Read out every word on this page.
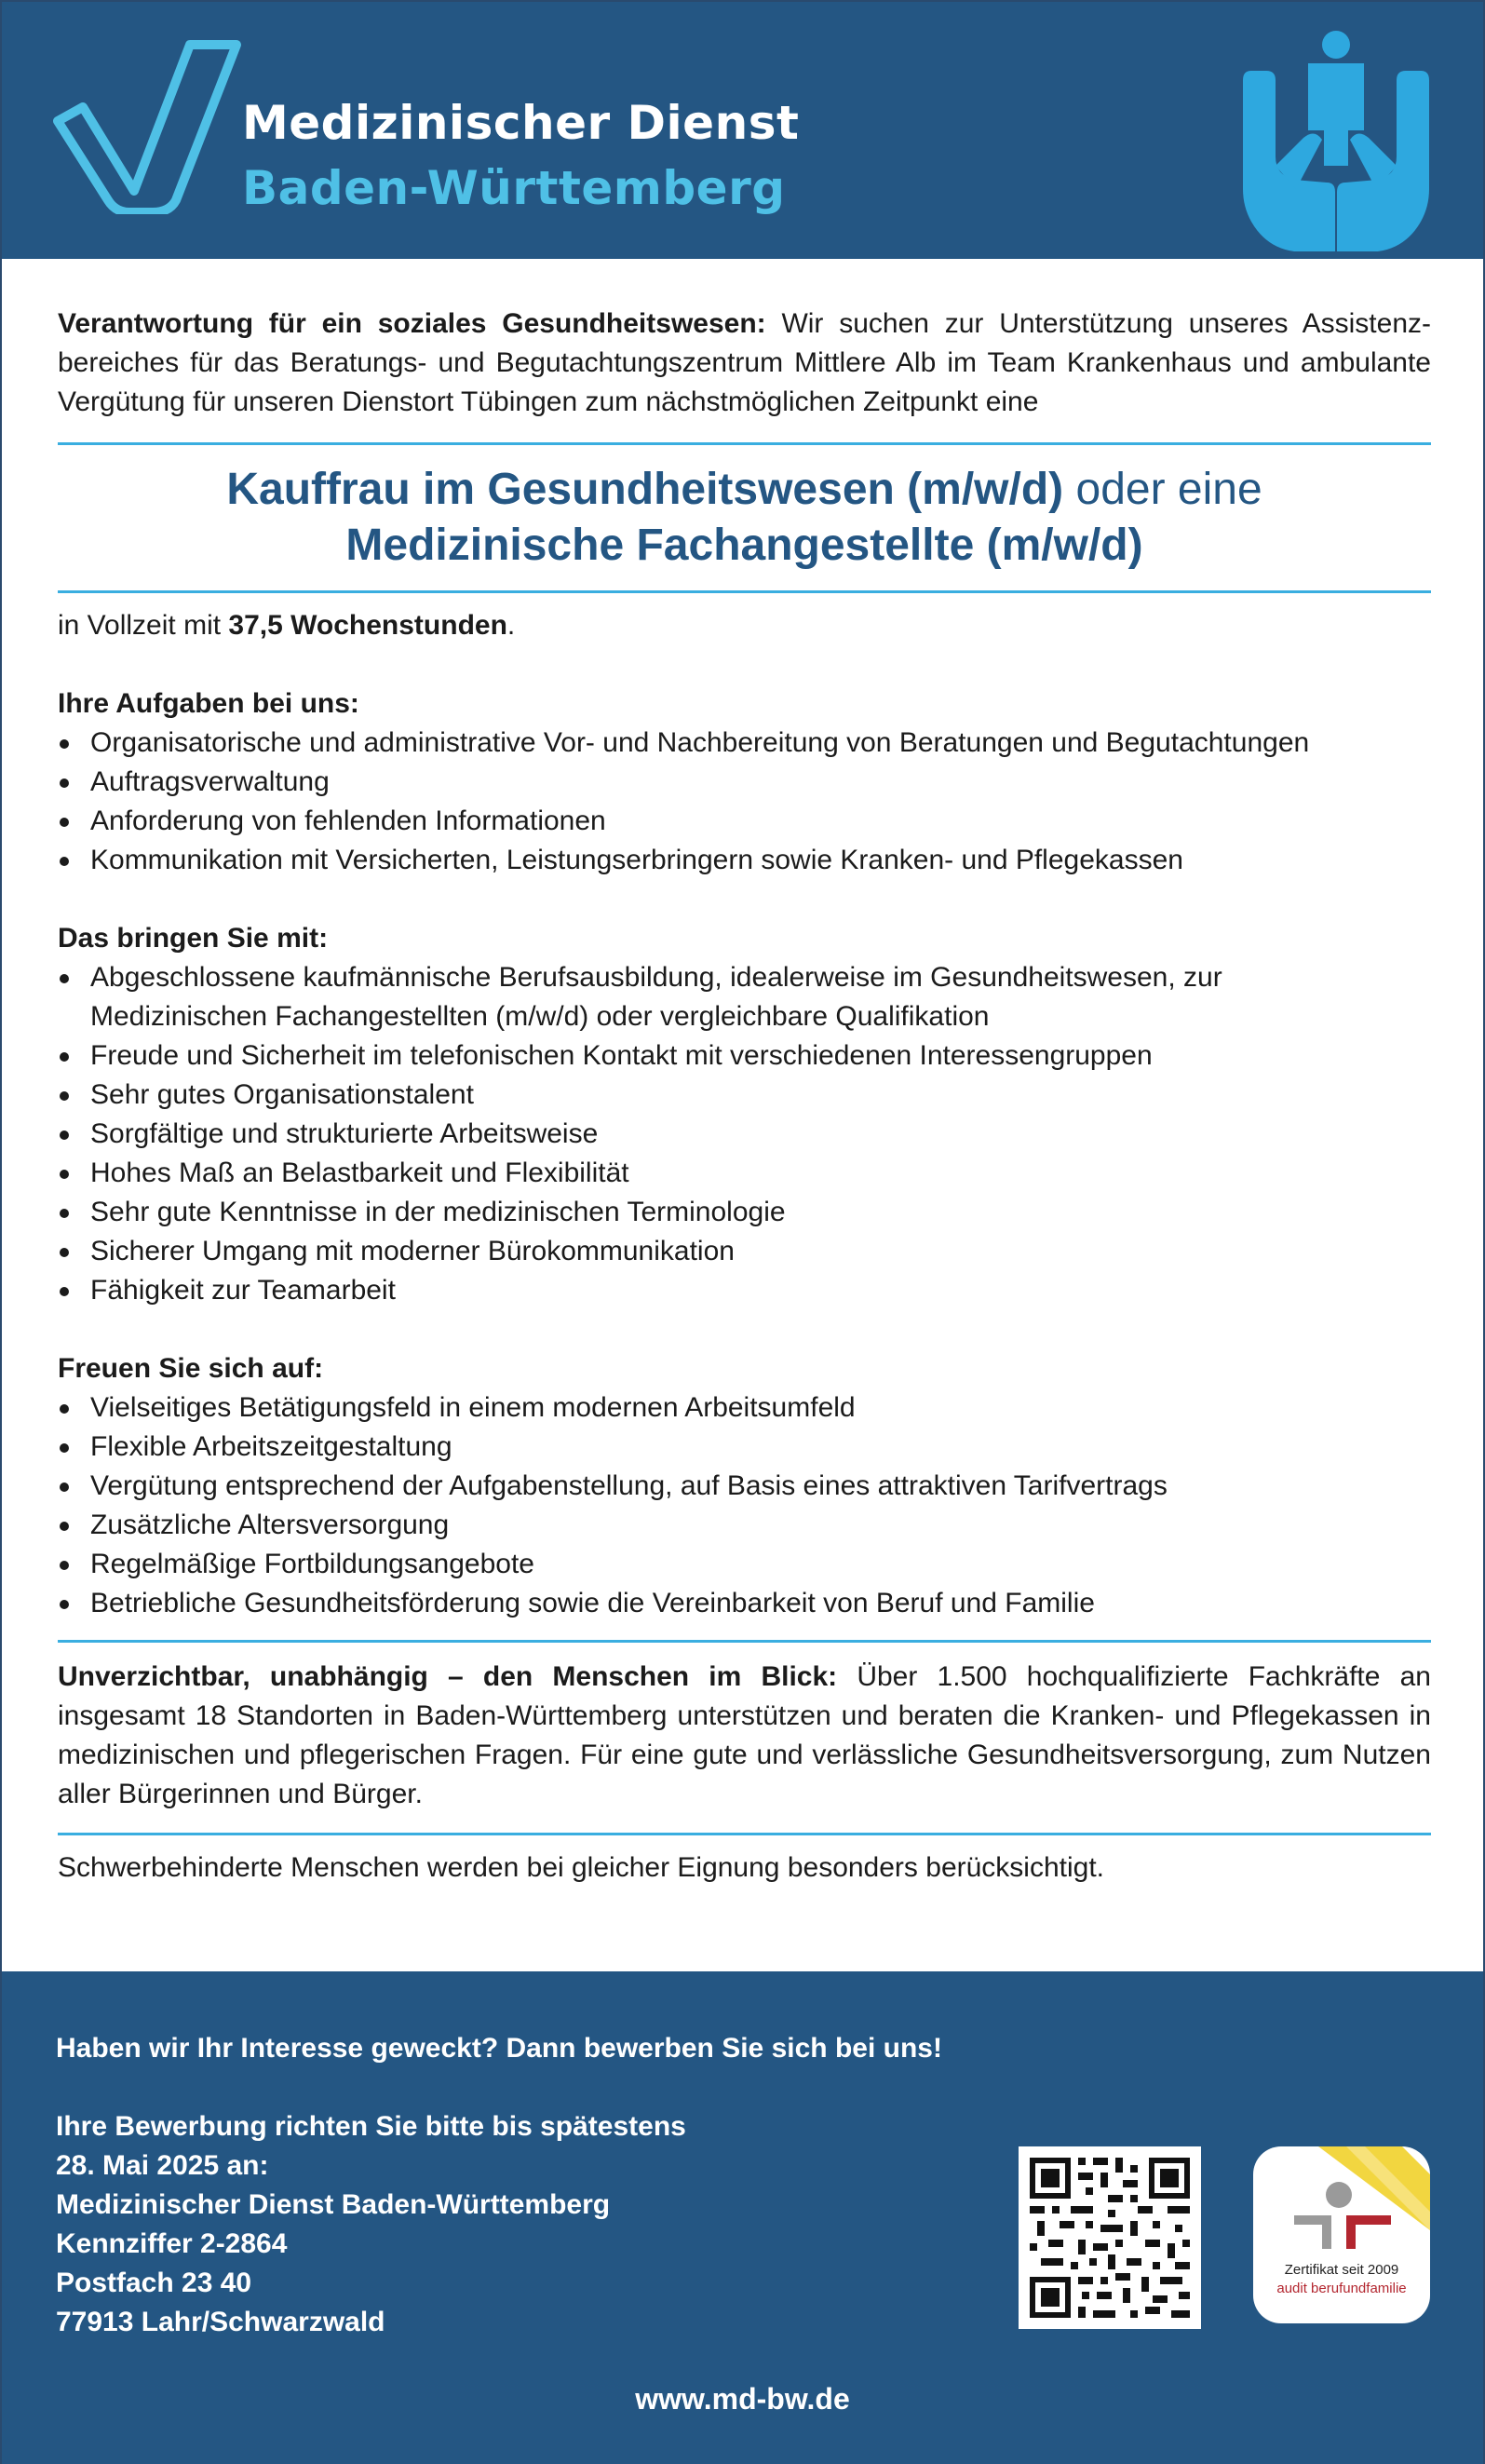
Medizinischer Dienst
Baden-Württemberg

Verantwortung für ein soziales Gesundheitswesen: Wir suchen zur Unterstützung unseres Assistenzbereiches für das Beratungs- und Begutachtungszentrum Mittlere Alb im Team Krankenhaus und ambulante Vergütung für unseren Dienstort Tübingen zum nächstmöglichen Zeitpunkt eine

Kauffrau im Gesundheitswesen (m/w/d) oder eine

Medizinische Fachangestellte (m/w/d)

in Vollzeit mit 37,5 Wochenstunden.

Ihre Aufgaben bei uns:

Organisatorische und administrative Vor- und Nachbereitung von Beratungen und Begutachtungen
Auftragsverwaltung
Anforderung von fehlenden Informationen
Kommunikation mit Versicherten, Leistungserbringern sowie Kranken- und Pflegekassen

Das bringen Sie mit:

Abgeschlossene kaufmännische Berufsausbildung, idealerweise im Gesundheitswesen, zur Medizinischen Fachangestellten (m/w/d) oder vergleichbare Qualifikation
Freude und Sicherheit im telefonischen Kontakt mit verschiedenen Interessengruppen
Sehr gutes Organisationstalent
Sorgfältige und strukturierte Arbeitsweise
Hohes Maß an Belastbarkeit und Flexibilität
Sehr gute Kenntnisse in der medizinischen Terminologie
Sicherer Umgang mit moderner Bürokommunikation
Fähigkeit zur Teamarbeit

Freuen Sie sich auf:

Vielseitiges Betätigungsfeld in einem modernen Arbeitsumfeld
Flexible Arbeitszeitgestaltung
Vergütung entsprechend der Aufgabenstellung, auf Basis eines attraktiven Tarifvertrags
Zusätzliche Altersversorgung
Regelmäßige Fortbildungsangebote
Betriebliche Gesundheitsförderung sowie die Vereinbarkeit von Beruf und Familie

Unverzichtbar, unabhängig – den Menschen im Blick: Über 1.500 hochqualifizierte Fachkräfte an insgesamt 18 Standorten in Baden-Württemberg unterstützen und beraten die Kranken- und Pflegekassen in medizinischen und pflegerischen Fragen. Für eine gute und verlässliche Gesundheitsversorgung, zum Nutzen aller Bürgerinnen und Bürger.

Schwerbehinderte Menschen werden bei gleicher Eignung besonders berücksichtigt.

Haben wir Ihr Interesse geweckt? Dann bewerben Sie sich bei uns!
Ihre Bewerbung richten Sie bitte bis spätestens
28. Mai 2025 an:
Medizinischer Dienst Baden-Württemberg
Kennziffer 2-2864
Postfach 23 40
77913 Lahr/Schwarzwald
Zertifikat seit 2009
audit berufundfamilie
www.md-bw.de
